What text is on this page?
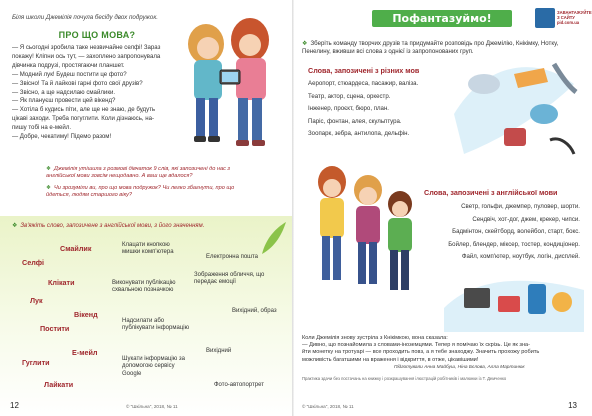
Біля школи Джемілія почула бесіду двох подружок.
ПРО ЩО МОВА?
— Я сьогодні зробила таке незвичайне селфі! Зараз
покажу! Кліпни ось тут, — захоплено запропонувала
дівчинка подрузі, простягаючи планшет.
— Модний лук! Будеш постити це фото?
— Звісно! Та й лайкові гарні фото свої друзів?
— Звісно, а ще надсилаю смайлики.
— Як плануєш провести цей вікенд?
— Хотіла б кудись піти, але ще не знаю, де будуть
цікаві заходи. Треба погуглити. Коли дізнаюсь, на-
пишу тобі на е-мейл.
— Добре, чекатиму! Піде​мо разом!
❖ Джемілія утішила з розмові дівчаток 9 слів, які запозичені до нас з англійської мови зовсім нещодавно. А ваш ще вдалося?
❖ Чи зрозуміли ви, про що мова подружок? Чи легко збагнути, про що йдеться, людям старшого віку?
❖ Зв'яжіть слово, запозичене з англійської мови, з його значенням.
Смайлик
Селфі
Клікати
Лук
Вікенд
Постити
Е-мейл
Гуглити
Лайкати
Клацати кнопкою мишки комп'ютера
Електронна пошта
Зображення обличчя, що передає емоції
Виконувати публікацію схвальною позначкою
Вихідний, образ
Надсилати або публікувати інформацію
Вихідний
Шукати інформацію за допомогою сервісу Google
Фото-автопортрет
12	© "Шкільна", 2018, № 11
Пофантазуймо!	ЗАВАНТАЖУЙТЕ З САЙТУ pid.com.ua
❖ Зберіть команду творчих друзів та придумайте розповідь про Джемілію, Кнікімку, Нотку, Пенелину, вживши всі слова з однієї із запропонованих груп.
Слова, запозичені з різних мов
Аеропорт, стюардеса, пасажир, валіза.
Театр, актор, сцена, оркестр.
Інженер, проєкт, бюро, план.
Паріс, фонтан, алея, скульптура.
Зоопарк, зебра, антилопа, дельфін.
Слова, запозичені з англійської мови
Светр, гольфи, джемпер, пуловер, шорти.
Сендвіч, хот-дог, джем, крекер, чипси.
Бадмінтон, скейтборд, волейбол, старт, бокс.
Бойлер, блендер, міксер, тостер, кондиціонер.
Файл, комп'ютер, ноутбук, логін, дисплей.
Коли Джемілія знову зустріла з Кнікімкою, вона сказала:
— Дивно, що познайомила з словами-іноземцями. Тепер я помічаю їх скрізь. Це як зна-
йти монетку на тротуарі — все проходить повз, а я тебе знаходжу. Значить прохожу робить
можливість багатшими на враження і відкриття, в отже, цікавішими!
Підготували Анна Майбуш, Ніна Бєлова, Алла Мартинюк
Практика здачи без постачань на книжку і розкрашування ілюстрацій робітників і малюнки із Т. Демченко
© "Шкільна", 2018, № 11	13
